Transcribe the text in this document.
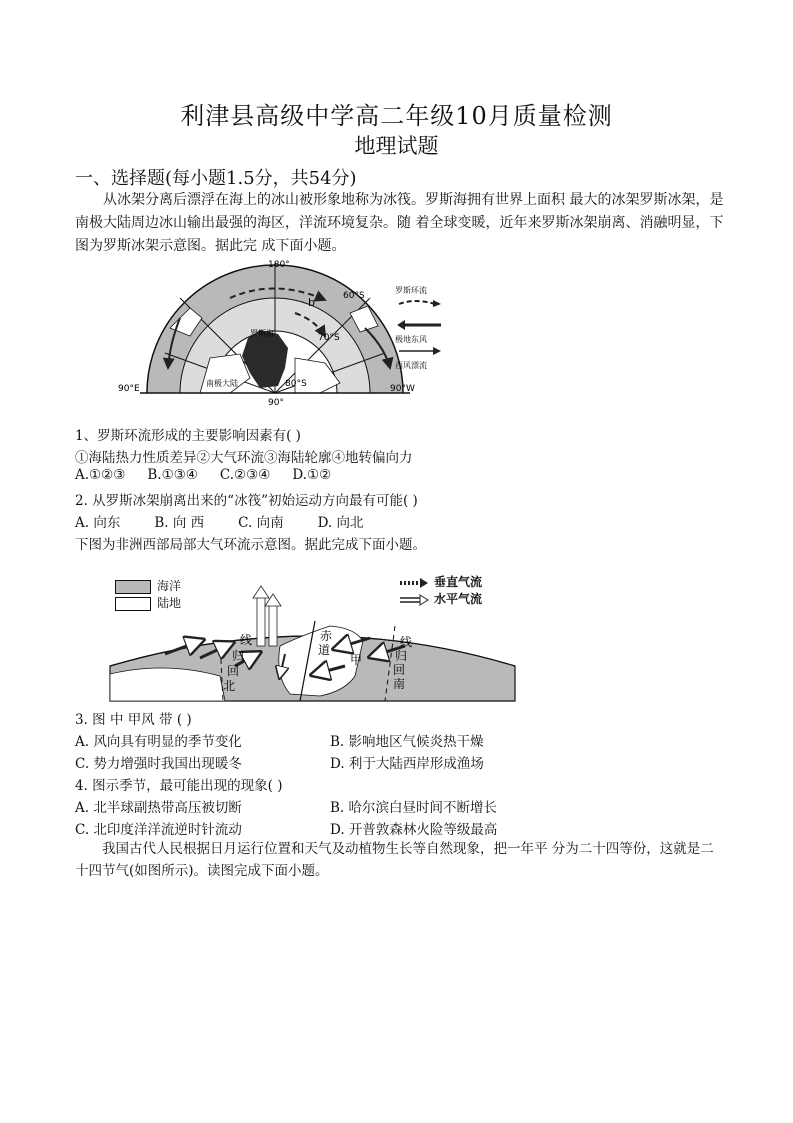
利津县高级中学高二年级10月质量检测
地理试题
一、选择题(每小题1.5分，共54分)
从冰架分离后漂浮在海上的冰山被形象地称为冰筏。罗斯海拥有世界上面积 最大的冰架罗斯冰架，是南极大陆周边冰山输出最强的海区，洋流环境复杂。随 着全球变暖，近年来罗斯冰架崩离、消融明显，下图为罗斯冰架示意图。据此完 成下面小题。
180°
90°
90°E	90°W
60°S
70°S
80°S
罗斯海
南极大陆
b
罗斯环流
极地东风
西风漂流
1、罗斯环流形成的主要影响因素有( )
①海陆热力性质差异②大气环流③海陆轮廓④地转偏向力
A.①②③ B.①③④ C.②③④ D.①②
2. 从罗斯冰架崩离出来的“冰筏”初始运动方向最有可能( )
A. 向东	B. 向 西	C. 向南	D. 向北
下图为非洲西部局部大气环流示意图。据此完成下面小题。
线
归
回
北
赤
道
甲
线
归
回
南
海洋
陆地
垂直气流
水平气流
3. 图 中 甲风 带 ( )
A. 风向具有明显的季节变化	B. 影响地区气候炎热干燥
C. 势力增强时我国出现暖冬	D. 利于大陆西岸形成渔场
4. 图示季节，最可能出现的现象( )
A. 北半球副热带高压被切断	B. 哈尔滨白昼时间不断增长
C. 北印度洋洋流逆时针流动	D. 开普敦森林火险等级最高
我国古代人民根据日月运行位置和天气及动植物生长等自然现象，把一年平 分为二十四等份，这就是二十四节气(如图所示)。读图完成下面小题。
